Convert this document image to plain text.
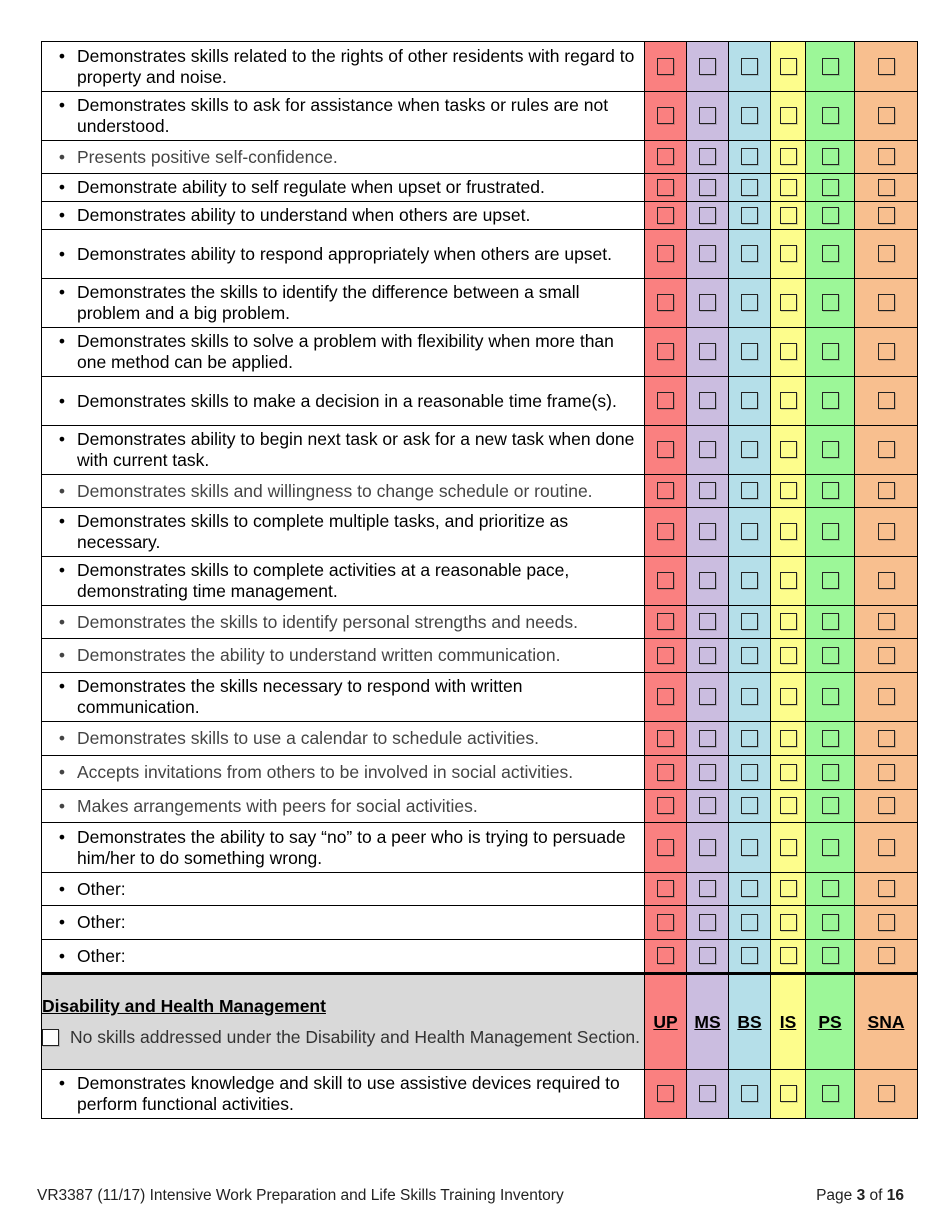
• Demonstrates skills related to the rights of other residents with regard to property and noise.						

• Demonstrates skills to ask for assistance when tasks or rules are not understood.						

• Presents positive self-confidence.						

• Demonstrate ability to self regulate when upset or frustrated.						

• Demonstrates ability to understand when others are upset.						

• Demonstrates ability to respond appropriately when others are upset.						

• Demonstrates the skills to identify the difference between a small problem and a big problem.						

• Demonstrates skills to solve a problem with flexibility when more than one method can be applied.						

• Demonstrates skills to make a decision in a reasonable time frame(s).						

• Demonstrates ability to begin next task or ask for a new task when done with current task.						

• Demonstrates skills and willingness to change schedule or routine.						

• Demonstrates skills to complete multiple tasks, and prioritize as necessary.						

• Demonstrates skills to complete activities at a reasonable pace, demonstrating time management.						

• Demonstrates the skills to identify personal strengths and needs.						

• Demonstrates the ability to understand written communication.						

• Demonstrates the skills necessary to respond with written communication.						

• Demonstrates skills to use a calendar to schedule activities.						

• Accepts invitations from others to be involved in social activities.						

• Makes arrangements with peers for social activities.						

• Demonstrates the ability to say “no” to a peer who is trying to persuade him/her to do something wrong.						

• Other:						

• Other:						

• Other:						

Disability and Health Management
No skills addressed under the Disability and Health Management Section.	UP	MS	BS	IS	PS	SNA

• Demonstrates knowledge and skill to use assistive devices required to perform functional activities.						

VR3387 (11/17) Intensive Work Preparation and Life Skills Training Inventory	Page 3 of 16
